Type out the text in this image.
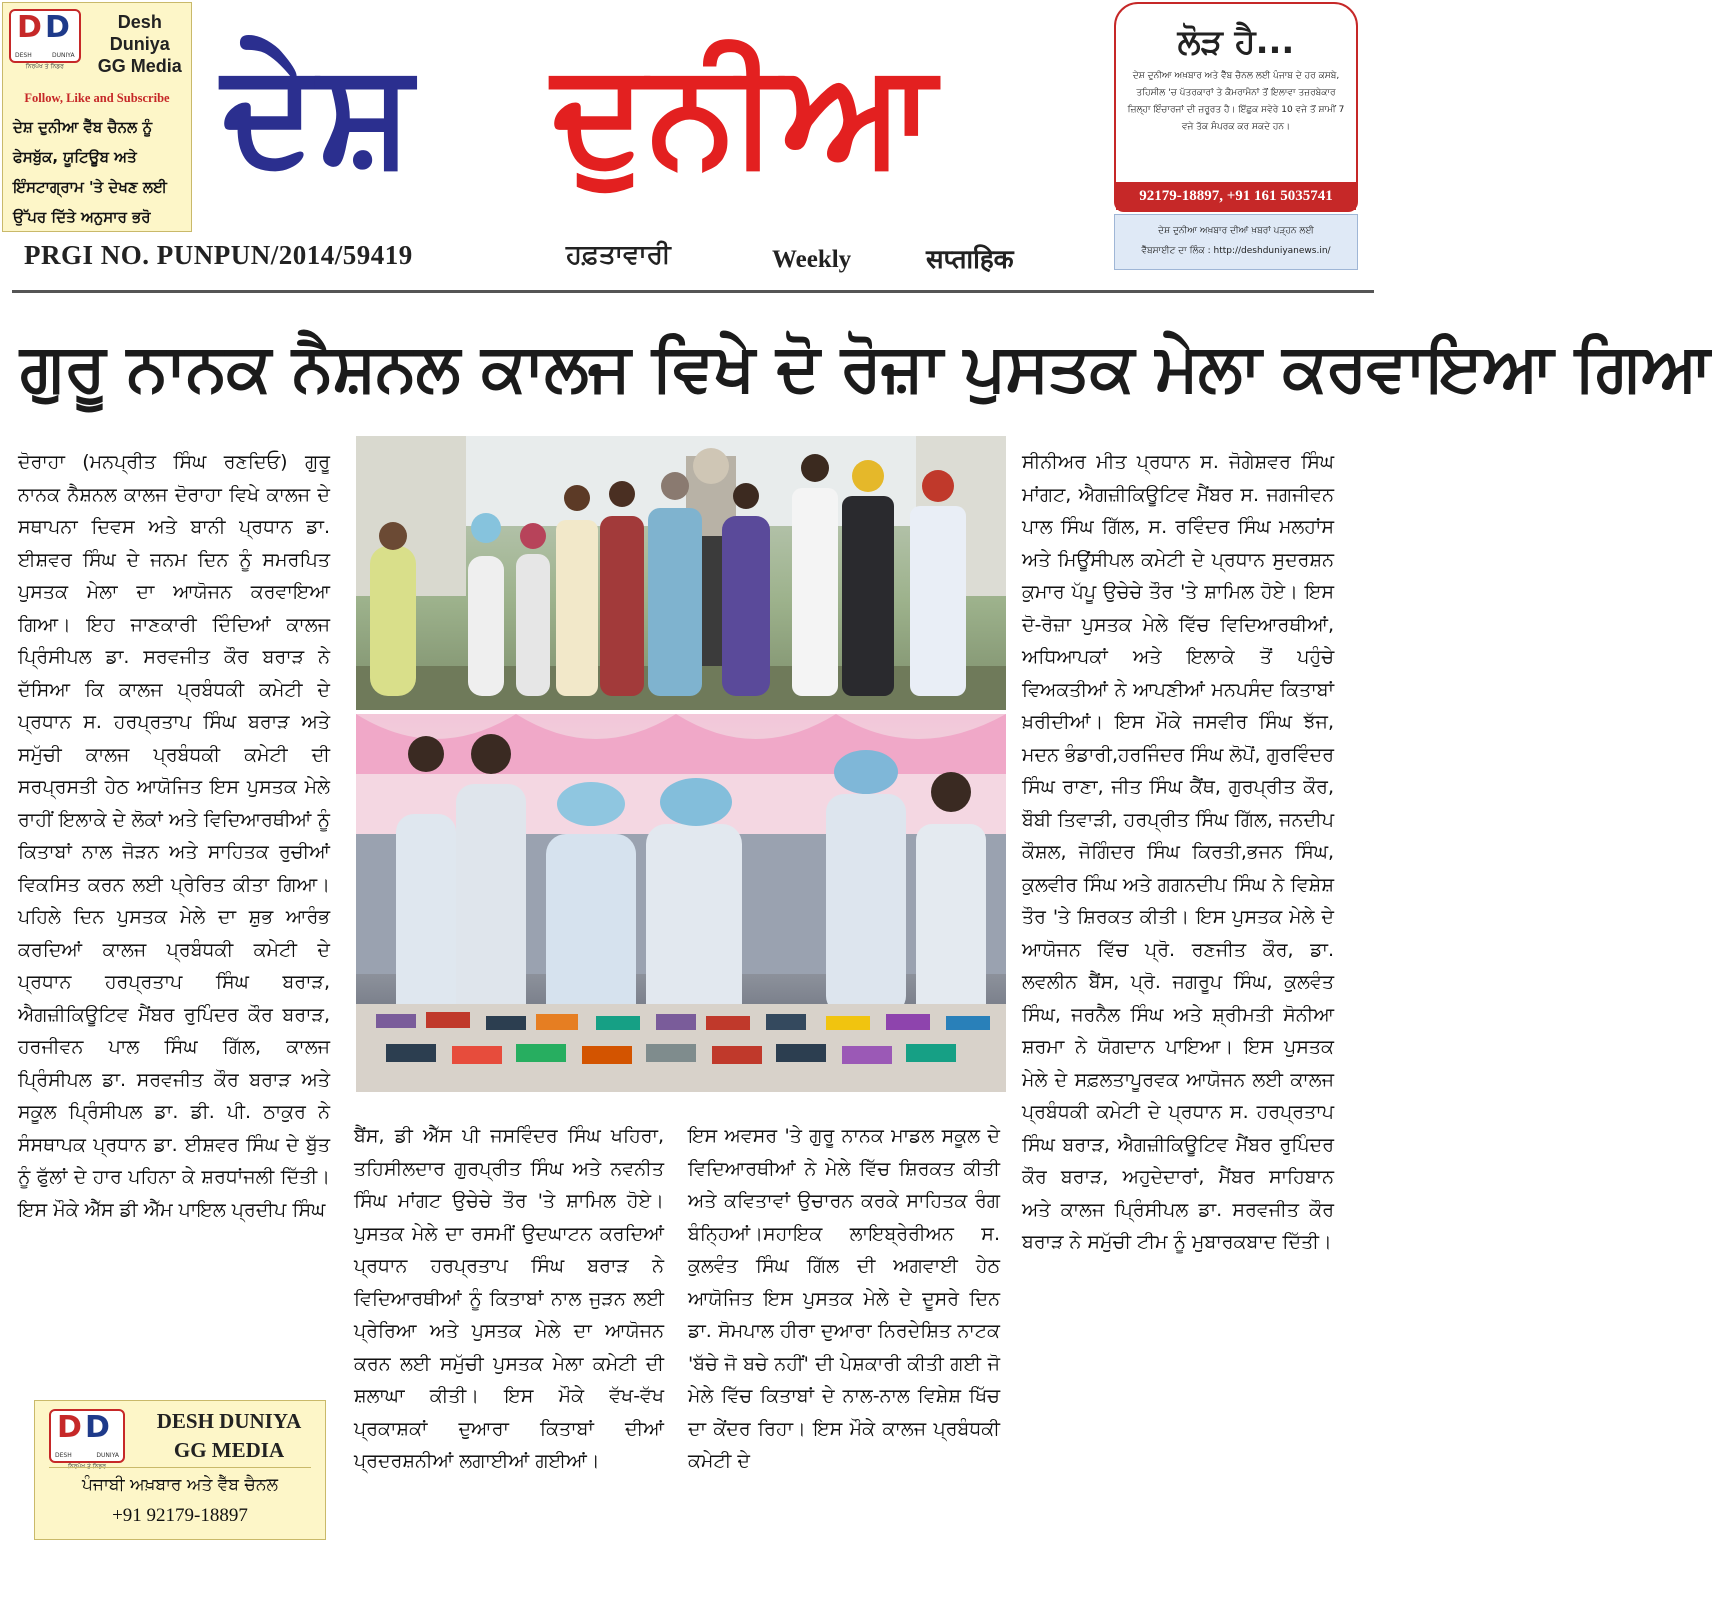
D D
DESH	DUNIYA
ਨਿਰਪੱਖ ਤੇ ਨਿਡਰ
Desh Duniya
GG Media
Follow, Like and Subscribe
ਦੇਸ਼ ਦੁਨੀਆ ਵੈੱਬ ਚੈਨਲ ਨੂੰ ਫੇਸਬੁੱਕ, ਯੂਟਿਊਬ ਅਤੇ ਇੰਸਟਾਗ੍ਰਾਮ 'ਤੇ ਦੇਖਣ ਲਈ ਉੱਪਰ ਦਿੱਤੇ ਅਨੁਸਾਰ ਭਰੋ
ਦੇਸ਼ ਦੁਨੀਆ	ਲੋੜ ਹੈ...
ਦੇਸ਼ ਦੁਨੀਆ ਅਖ਼ਬਾਰ ਅਤੇ ਵੈੱਬ ਚੈਨਲ ਲਈ ਪੰਜਾਬ ਦੇ ਹਰ ਕਸਬੇ, ਤਹਿਸੀਲ 'ਚ ਪੱਤਰਕਾਰਾਂ ਤੇ ਕੈਮਰਾਮੈਨਾਂ ਤੋਂ ਇਲਾਵਾ ਤਜ਼ਰਬੇਕਾਰ ਜ਼ਿਲ੍ਹਾ ਇੰਚਾਰਜਾਂ ਦੀ ਜ਼ਰੂਰਤ ਹੈ। ਇੱਛੁਕ ਸਵੇਰੇ 10 ਵਜੇ ਤੋਂ ਸ਼ਾਮੀਂ 7 ਵਜੇ ਤੱਕ ਸੰਪਰਕ ਕਰ ਸਕਦੇ ਹਨ।
92179-18897, +91 161 5035741
ਦੇਸ਼ ਦੁਨੀਆ ਅਖ਼ਬਾਰ ਦੀਆਂ ਖ਼ਬਰਾਂ ਪੜ੍ਹਨ ਲਈ
ਵੈੱਬਸਾਈਟ ਦਾ ਲਿੰਕ : http://deshduniyanews.in/
PRGI NO. PUNPUN/2014/59419	ਹਫ਼ਤਾਵਾਰੀ	Weekly	सप्ताहिक
ਗੁਰੂ ਨਾਨਕ ਨੈਸ਼ਨਲ ਕਾਲਜ ਵਿਖੇ ਦੋ ਰੋਜ਼ਾ ਪੁਸਤਕ ਮੇਲਾ ਕਰਵਾਇਆ ਗਿਆ
ਦੋਰਾਹਾ (ਮਨਪ੍ਰੀਤ ਸਿੰਘ ਰਣਦਿਓ) ਗੁਰੂ ਨਾਨਕ ਨੈਸ਼ਨਲ ਕਾਲਜ ਦੋਰਾਹਾ ਵਿਖੇ ਕਾਲਜ ਦੇ ਸਥਾਪਨਾ ਦਿਵਸ ਅਤੇ ਬਾਨੀ ਪ੍ਰਧਾਨ ਡਾ. ਈਸ਼ਵਰ ਸਿੰਘ ਦੇ ਜਨਮ ਦਿਨ ਨੂੰ ਸਮਰਪਿਤ ਪੁਸਤਕ ਮੇਲਾ ਦਾ ਆਯੋਜਨ ਕਰਵਾਇਆ ਗਿਆ। ਇਹ ਜਾਣਕਾਰੀ ਦਿੰਦਿਆਂ ਕਾਲਜ ਪ੍ਰਿੰਸੀਪਲ ਡਾ. ਸਰਵਜੀਤ ਕੌਰ ਬਰਾੜ ਨੇ ਦੱਸਿਆ ਕਿ ਕਾਲਜ ਪ੍ਰਬੰਧਕੀ ਕਮੇਟੀ ਦੇ ਪ੍ਰਧਾਨ ਸ. ਹਰਪ੍ਰਤਾਪ ਸਿੰਘ ਬਰਾੜ ਅਤੇ ਸਮੁੱਚੀ ਕਾਲਜ ਪ੍ਰਬੰਧਕੀ ਕਮੇਟੀ ਦੀ ਸਰਪ੍ਰਸਤੀ ਹੇਠ ਆਯੋਜਿਤ ਇਸ ਪੁਸਤਕ ਮੇਲੇ ਰਾਹੀਂ ਇਲਾਕੇ ਦੇ ਲੋਕਾਂ ਅਤੇ ਵਿਦਿਆਰਥੀਆਂ ਨੂੰ ਕਿਤਾਬਾਂ ਨਾਲ ਜੋੜਨ ਅਤੇ ਸਾਹਿਤਕ ਰੁਚੀਆਂ ਵਿਕਸਿਤ ਕਰਨ ਲਈ ਪ੍ਰੇਰਿਤ ਕੀਤਾ ਗਿਆ। ਪਹਿਲੇ ਦਿਨ ਪੁਸਤਕ ਮੇਲੇ ਦਾ ਸ਼ੁਭ ਆਰੰਭ ਕਰਦਿਆਂ ਕਾਲਜ ਪ੍ਰਬੰਧਕੀ ਕਮੇਟੀ ਦੇ ਪ੍ਰਧਾਨ ਹਰਪ੍ਰਤਾਪ ਸਿੰਘ ਬਰਾੜ, ਐਗਜ਼ੀਕਿਊਟਿਵ ਮੈਂਬਰ ਰੁਪਿੰਦਰ ਕੌਰ ਬਰਾੜ, ਹਰਜੀਵਨ ਪਾਲ ਸਿੰਘ ਗਿੱਲ, ਕਾਲਜ ਪ੍ਰਿੰਸੀਪਲ ਡਾ. ਸਰਵਜੀਤ ਕੌਰ ਬਰਾੜ ਅਤੇ ਸਕੂਲ ਪ੍ਰਿੰਸੀਪਲ ਡਾ. ਡੀ. ਪੀ. ਠਾਕੁਰ ਨੇ ਸੰਸਥਾਪਕ ਪ੍ਰਧਾਨ ਡਾ. ਈਸ਼ਵਰ ਸਿੰਘ ਦੇ ਬੁੱਤ ਨੂੰ ਫੁੱਲਾਂ ਦੇ ਹਾਰ ਪਹਿਨਾ ਕੇ ਸ਼ਰਧਾਂਜਲੀ ਦਿੱਤੀ। ਇਸ ਮੌਕੇ ਐੱਸ ਡੀ ਐੱਮ ਪਾਇਲ ਪ੍ਰਦੀਪ ਸਿੰਘ
ਸੀਨੀਅਰ ਮੀਤ ਪ੍ਰਧਾਨ ਸ. ਜੋਗੇਸ਼ਵਰ ਸਿੰਘ ਮਾਂਗਟ, ਐਗਜ਼ੀਕਿਊਟਿਵ ਮੈਂਬਰ ਸ. ਜਗਜੀਵਨ ਪਾਲ ਸਿੰਘ ਗਿੱਲ, ਸ. ਰਵਿੰਦਰ ਸਿੰਘ ਮਲਹਾਂਸ ਅਤੇ ਮਿਊਂਸੀਪਲ ਕਮੇਟੀ ਦੇ ਪ੍ਰਧਾਨ ਸੁਦਰਸ਼ਨ ਕੁਮਾਰ ਪੱਪੂ ਉਚੇਚੇ ਤੌਰ 'ਤੇ ਸ਼ਾਮਿਲ ਹੋਏ। ਇਸ ਦੋ-ਰੋਜ਼ਾ ਪੁਸਤਕ ਮੇਲੇ ਵਿੱਚ ਵਿਦਿਆਰਥੀਆਂ, ਅਧਿਆਪਕਾਂ ਅਤੇ ਇਲਾਕੇ ਤੋਂ ਪਹੁੰਚੇ ਵਿਅਕਤੀਆਂ ਨੇ ਆਪਣੀਆਂ ਮਨਪਸੰਦ ਕਿਤਾਬਾਂ ਖ਼ਰੀਦੀਆਂ। ਇਸ ਮੌਕੇ ਜਸਵੀਰ ਸਿੰਘ ਝੱਜ, ਮਦਨ ਭੰਡਾਰੀ,ਹਰਜਿੰਦਰ ਸਿੰਘ ਲੋਪੋਂ, ਗੁਰਵਿੰਦਰ ਸਿੰਘ ਰਾਣਾ, ਜੀਤ ਸਿੰਘ ਕੈਂਥ, ਗੁਰਪ੍ਰੀਤ ਕੌਰ, ਬੌਬੀ ਤਿਵਾੜੀ, ਹਰਪ੍ਰੀਤ ਸਿੰਘ ਗਿੱਲ, ਜਨਦੀਪ ਕੌਸ਼ਲ, ਜੋਗਿੰਦਰ ਸਿੰਘ ਕਿਰਤੀ,ਭਜਨ ਸਿੰਘ, ਕੁਲਵੀਰ ਸਿੰਘ ਅਤੇ ਗਗਨਦੀਪ ਸਿੰਘ ਨੇ ਵਿਸ਼ੇਸ਼ ਤੌਰ 'ਤੇ ਸ਼ਿਰਕਤ ਕੀਤੀ। ਇਸ ਪੁਸਤਕ ਮੇਲੇ ਦੇ ਆਯੋਜਨ ਵਿੱਚ ਪ੍ਰੋ. ਰਣਜੀਤ ਕੌਰ, ਡਾ. ਲਵਲੀਨ ਬੈਂਸ, ਪ੍ਰੋ. ਜਗਰੂਪ ਸਿੰਘ, ਕੁਲਵੰਤ ਸਿੰਘ, ਜਰਨੈਲ ਸਿੰਘ ਅਤੇ ਸ਼੍ਰੀਮਤੀ ਸੋਨੀਆ ਸ਼ਰਮਾ ਨੇ ਯੋਗਦਾਨ ਪਾਇਆ। ਇਸ ਪੁਸਤਕ ਮੇਲੇ ਦੇ ਸਫ਼ਲਤਾਪੂਰਵਕ ਆਯੋਜਨ ਲਈ ਕਾਲਜ ਪ੍ਰਬੰਧਕੀ ਕਮੇਟੀ ਦੇ ਪ੍ਰਧਾਨ ਸ. ਹਰਪ੍ਰਤਾਪ ਸਿੰਘ ਬਰਾੜ, ਐਗਜ਼ੀਕਿਊਟਿਵ ਮੈਂਬਰ ਰੁਪਿੰਦਰ ਕੌਰ ਬਰਾੜ, ਅਹੁਦੇਦਾਰਾਂ, ਮੈਂਬਰ ਸਾਹਿਬਾਨ ਅਤੇ ਕਾਲਜ ਪ੍ਰਿੰਸੀਪਲ ਡਾ. ਸਰਵਜੀਤ ਕੌਰ ਬਰਾੜ ਨੇ ਸਮੁੱਚੀ ਟੀਮ ਨੂੰ ਮੁਬਾਰਕਬਾਦ ਦਿੱਤੀ।
ਬੈਂਸ, ਡੀ ਐੱਸ ਪੀ ਜਸਵਿੰਦਰ ਸਿੰਘ ਖਹਿਰਾ, ਤਹਿਸੀਲਦਾਰ ਗੁਰਪ੍ਰੀਤ ਸਿੰਘ ਅਤੇ ਨਵਨੀਤ ਸਿੰਘ ਮਾਂਗਟ ਉਚੇਚੇ ਤੌਰ 'ਤੇ ਸ਼ਾਮਿਲ ਹੋਏ। ਪੁਸਤਕ ਮੇਲੇ ਦਾ ਰਸਮੀਂ ਉਦਘਾਟਨ ਕਰਦਿਆਂ ਪ੍ਰਧਾਨ ਹਰਪ੍ਰਤਾਪ ਸਿੰਘ ਬਰਾੜ ਨੇ ਵਿਦਿਆਰਥੀਆਂ ਨੂੰ ਕਿਤਾਬਾਂ ਨਾਲ ਜੁੜਨ ਲਈ ਪ੍ਰੇਰਿਆ ਅਤੇ ਪੁਸਤਕ ਮੇਲੇ ਦਾ ਆਯੋਜਨ ਕਰਨ ਲਈ ਸਮੁੱਚੀ ਪੁਸਤਕ ਮੇਲਾ ਕਮੇਟੀ ਦੀ ਸ਼ਲਾਘਾ ਕੀਤੀ। ਇਸ ਮੌਕੇ ਵੱਖ-ਵੱਖ ਪ੍ਰਕਾਸ਼ਕਾਂ ਦੁਆਰਾ ਕਿਤਾਬਾਂ ਦੀਆਂ ਪ੍ਰਦਰਸ਼ਨੀਆਂ ਲਗਾਈਆਂ ਗਈਆਂ।
ਇਸ ਅਵਸਰ 'ਤੇ ਗੁਰੂ ਨਾਨਕ ਮਾਡਲ ਸਕੂਲ ਦੇ ਵਿਦਿਆਰਥੀਆਂ ਨੇ ਮੇਲੇ ਵਿੱਚ ਸ਼ਿਰਕਤ ਕੀਤੀ ਅਤੇ ਕਵਿਤਾਵਾਂ ਉਚਾਰਨ ਕਰਕੇ ਸਾਹਿਤਕ ਰੰਗ ਬੰਨ੍ਹਿਆਂ।ਸਹਾਇਕ ਲਾਇਬ੍ਰੇਰੀਅਨ ਸ. ਕੁਲਵੰਤ ਸਿੰਘ ਗਿੱਲ ਦੀ ਅਗਵਾਈ ਹੇਠ ਆਯੋਜਿਤ ਇਸ ਪੁਸਤਕ ਮੇਲੇ ਦੇ ਦੂਸਰੇ ਦਿਨ ਡਾ. ਸੋਮਪਾਲ ਹੀਰਾ ਦੁਆਰਾ ਨਿਰਦੇਸ਼ਿਤ ਨਾਟਕ 'ਬੱਚੇ ਜੋ ਬਚੇ ਨਹੀਂ' ਦੀ ਪੇਸ਼ਕਾਰੀ ਕੀਤੀ ਗਈ ਜੋ ਮੇਲੇ ਵਿੱਚ ਕਿਤਾਬਾਂ ਦੇ ਨਾਲ-ਨਾਲ ਵਿਸ਼ੇਸ਼ ਖਿੱਚ ਦਾ ਕੇਂਦਰ ਰਿਹਾ। ਇਸ ਮੌਕੇ ਕਾਲਜ ਪ੍ਰਬੰਧਕੀ ਕਮੇਟੀ ਦੇ
D D
DESH	DUNIYA
DESH DUNIYA
GG MEDIA
ਪੰਜਾਬੀ ਅਖ਼ਬਾਰ ਅਤੇ ਵੈੱਬ ਚੈਨਲ
+91 92179-18897
